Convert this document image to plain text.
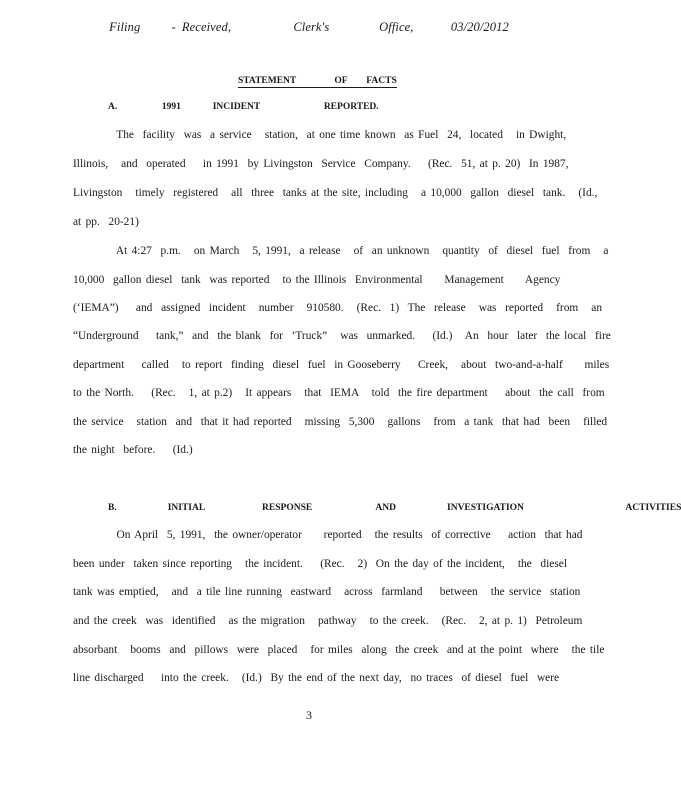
Filing - Received,	Clerk's	Office,	03/20/2012
STATEMENT      OF   FACTS
A.       1991     INCIDENT          REPORTED.
The  facility  was  a service   station,  at one time known  as Fuel  24,  located   in Dwight,
Illinois,   and  operated    in 1991  by Livingston  Service  Company.    (Rec.  51, at p. 20)  In 1987,
Livingston   timely  registered   all  three  tanks at the site, including   a 10,000  gallon  diesel  tank.   (Id.,
at pp.  20-21)
At 4:27  p.m.   on March   5, 1991,  a release   of  an unknown   quantity  of  diesel  fuel  from   a
10,000  gallon diesel  tank  was reported   to the Illinois  Environmental     Management     Agency
(‘IEMA”)    and  assigned  incident   number   910580.   (Rec.  1)  The  release   was  reported   from   an
“Underground    tank,”  and  the blank  for  ‘Truck”   was  unmarked.    (Id.)   An  hour  later  the local  fire
department    called   to report  finding  diesel  fuel  in Gooseberry    Creek,   about  two-and-a-half     miles
to the North.    (Rec.   1, at p.2)   It appears   that  IEMA   told  the fire department    about  the call  from
the service   station  and  that it had reported   missing  5,300   gallons   from  a tank  that had  been   filled
the night  before.    (Id.)
B.        INITIAL         RESPONSE          AND        INVESTIGATION                ACTIVITIES
On April  5, 1991,  the owner/operator     reported   the results  of corrective    action  that had
been under  taken since reporting   the incident.    (Rec.   2)  On the day of the incident,   the  diesel
tank was emptied,   and  a tile line running  eastward   across  farmland    between   the service  station
and the creek  was  identified   as the migration   pathway   to the creek.   (Rec.   2, at p. 1)  Petroleum
absorbant   booms  and  pillows  were  placed   for miles  along  the creek  and at the point  where   the tile
line discharged    into the creek.   (Id.)  By the end of the next day,  no traces  of diesel  fuel  were
3
